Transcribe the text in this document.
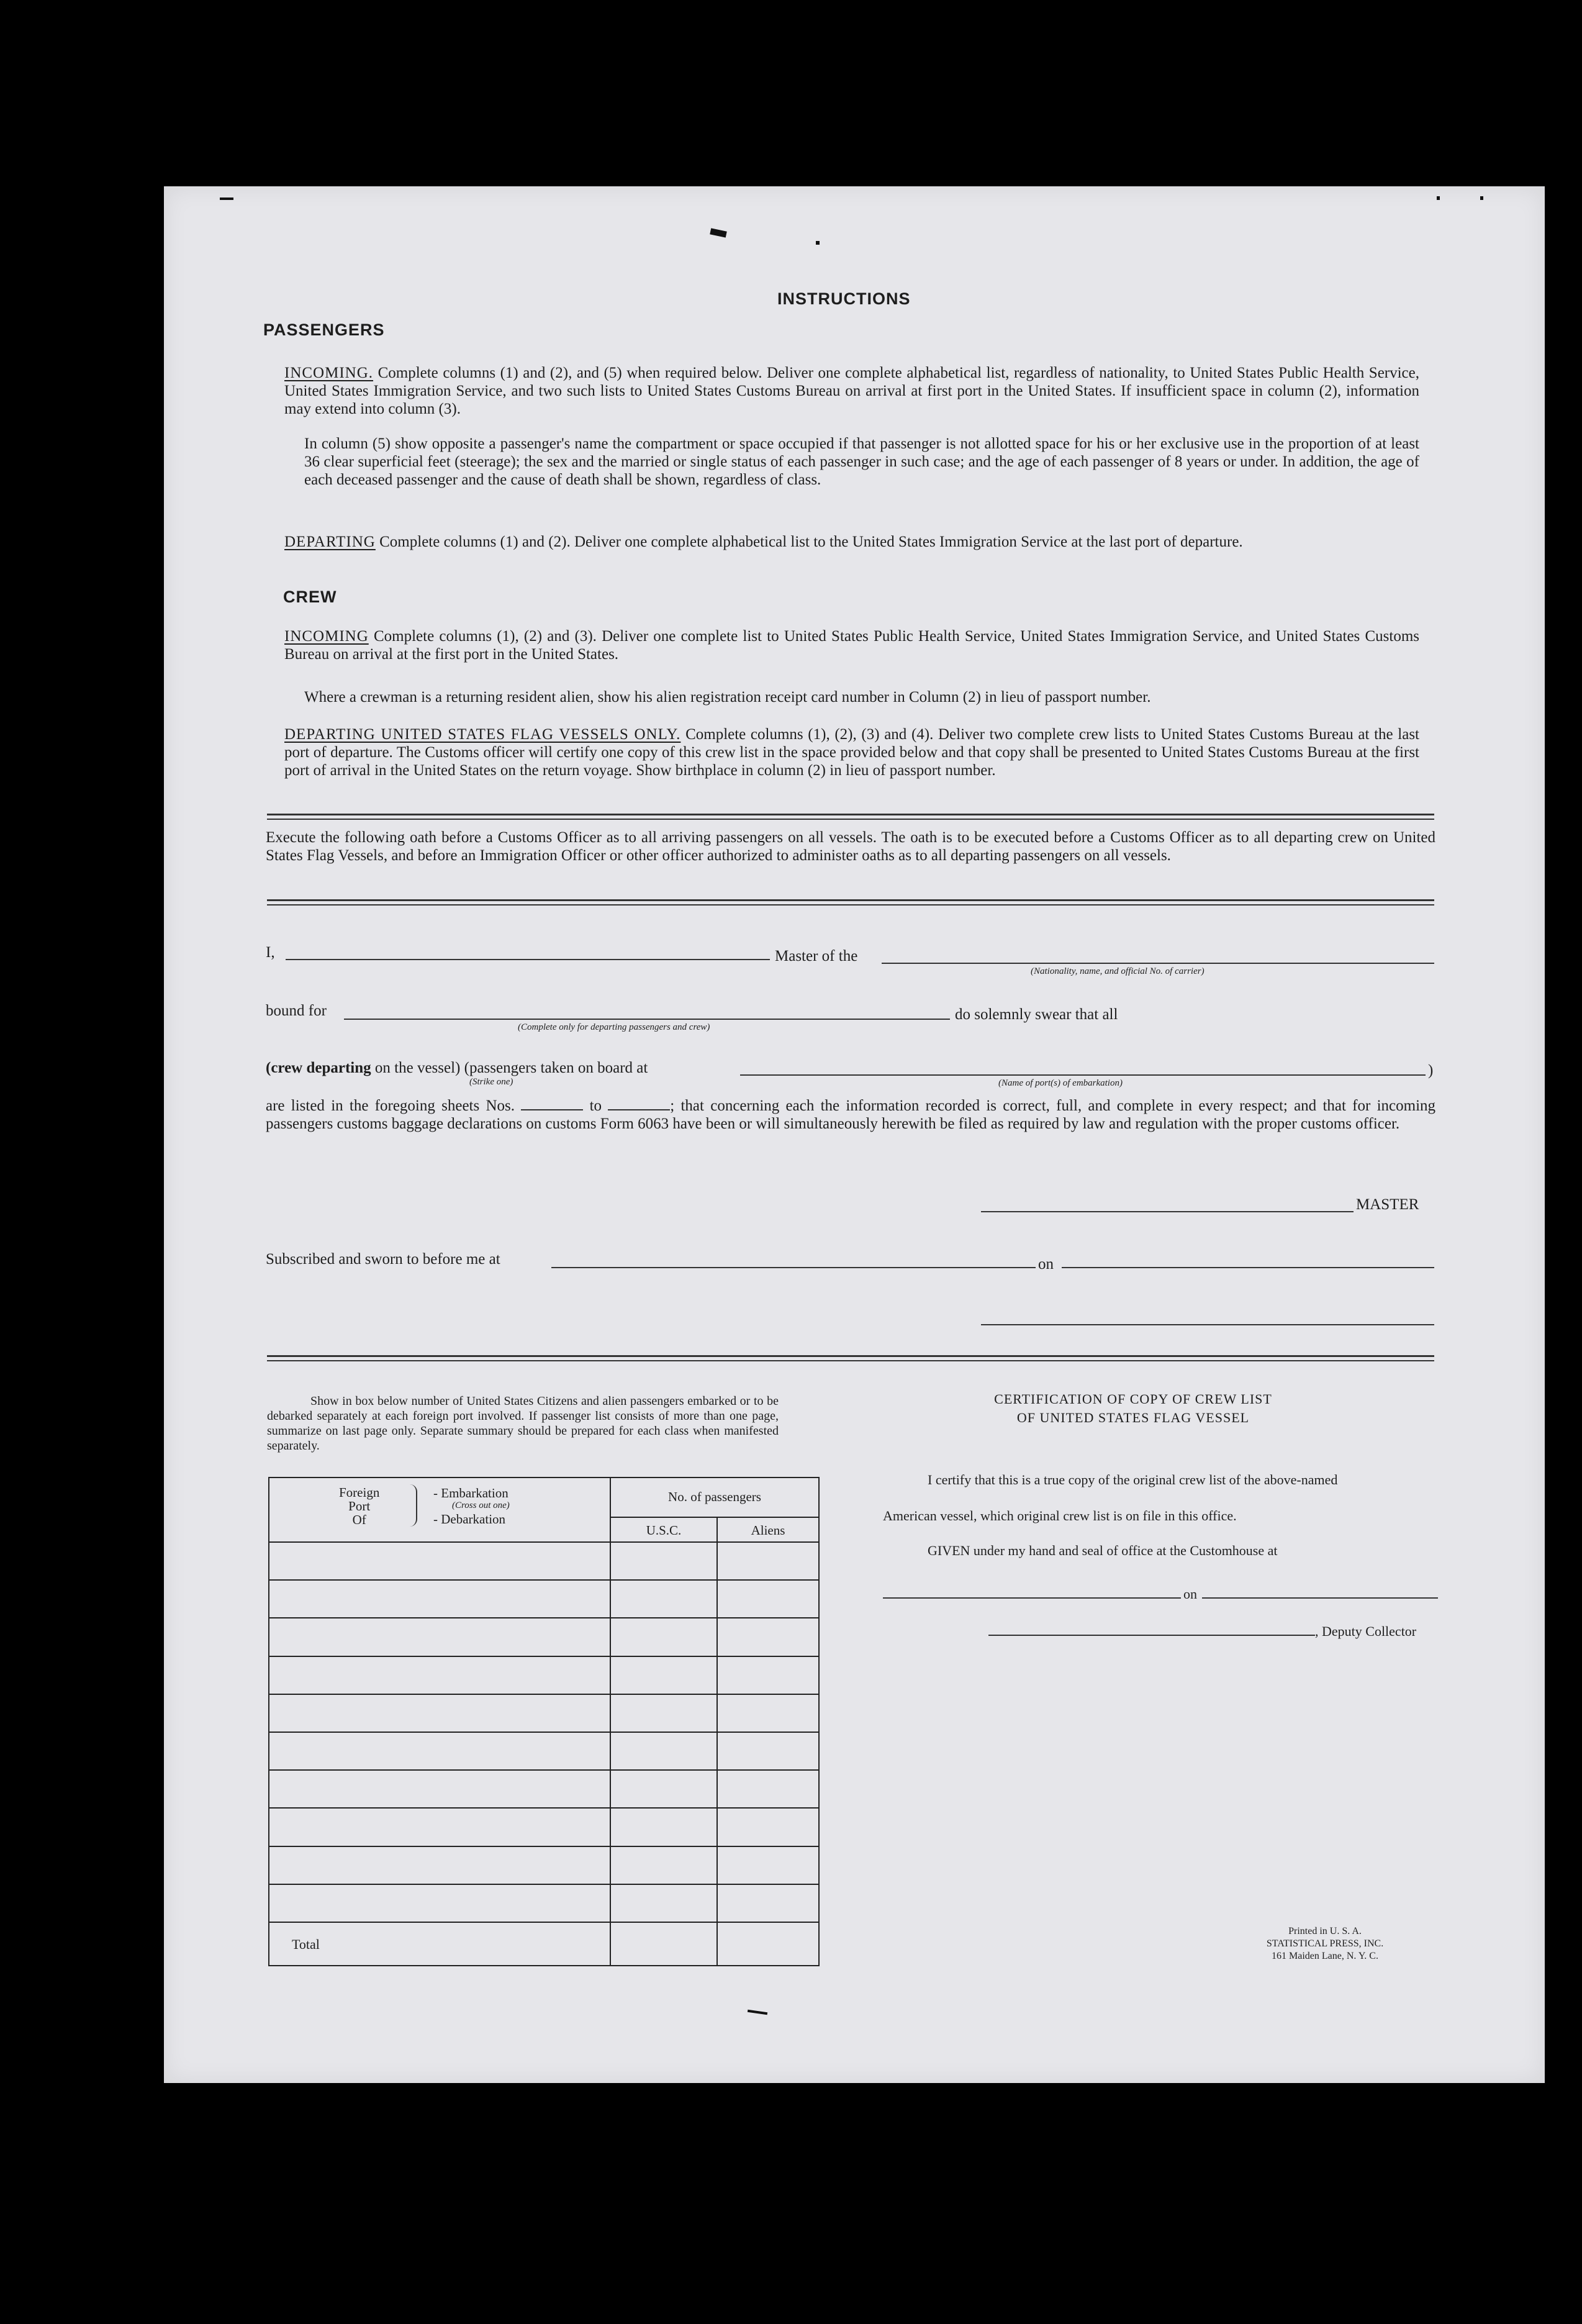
INSTRUCTIONS
PASSENGERS
INCOMING. Complete columns (1) and (2), and (5) when required below. Deliver one complete alphabetical list, regardless of nationality, to United States Public Health Service, United States Immigration Service, and two such lists to United States Customs Bureau on arrival at first port in the United States. If insufficient space in column (2), information may extend into column (3).
In column (5) show opposite a passenger's name the compartment or space occupied if that passenger is not allotted space for his or her exclusive use in the proportion of at least 36 clear superficial feet (steerage); the sex and the married or single status of each passenger in such case; and the age of each passenger of 8 years or under. In addition, the age of each deceased passenger and the cause of death shall be shown, regardless of class.
DEPARTING Complete columns (1) and (2). Deliver one complete alphabetical list to the United States Immigration Service at the last port of departure.
CREW
INCOMING Complete columns (1), (2) and (3). Deliver one complete list to United States Public Health Service, United States Immigration Service, and United States Customs Bureau on arrival at the first port in the United States.
Where a crewman is a returning resident alien, show his alien registration receipt card number in Column (2) in lieu of passport number.
DEPARTING UNITED STATES FLAG VESSELS ONLY. Complete columns (1), (2), (3) and (4). Deliver two complete crew lists to United States Customs Bureau at the last port of departure. The Customs officer will certify one copy of this crew list in the space provided below and that copy shall be presented to United States Customs Bureau at the first port of arrival in the United States on the return voyage. Show birthplace in column (2) in lieu of passport number.
Execute the following oath before a Customs Officer as to all arriving passengers on all vessels. The oath is to be executed before a Customs Officer as to all departing crew on United States Flag Vessels, and before an Immigration Officer or other officer authorized to administer oaths as to all departing passengers on all vessels.
I,	Master of the
(Nationality, name, and official No. of carrier)
bound for
(Complete only for departing passengers and crew)
do solemnly swear that all
(crew departing on the vessel) (passengers taken on board at
(Strike one)
)
(Name of port(s) of embarkation)
are listed in the foregoing sheets Nos.	to	; that concerning each the information recorded is correct, full, and complete in every respect; and that for incoming passengers customs baggage declarations on customs Form 6063 have been or will simultaneously herewith be filed as required by law and regulation with the proper customs officer.
MASTER
Subscribed and sworn to before me at	on
Show in box below number of United States Citizens and alien passengers embarked or to be debarked separately at each foreign port involved. If passenger list consists of more than one page, summarize on last page only. Separate summary should be prepared for each class when manifested separately.
Foreign
Port
Of
- Embarkation
(Cross out one)
- Debarkation
No. of passengers
U.S.C.	Aliens
Total
CERTIFICATION OF COPY OF CREW LIST
OF UNITED STATES FLAG VESSEL
I certify that this is a true copy of the original crew list of the above-named
American vessel, which original crew list is on file in this office.
GIVEN under my hand and seal of office at the Customhouse at
on
, Deputy Collector
Printed in U. S. A.
STATISTICAL PRESS, INC.
161 Maiden Lane, N. Y. C.
